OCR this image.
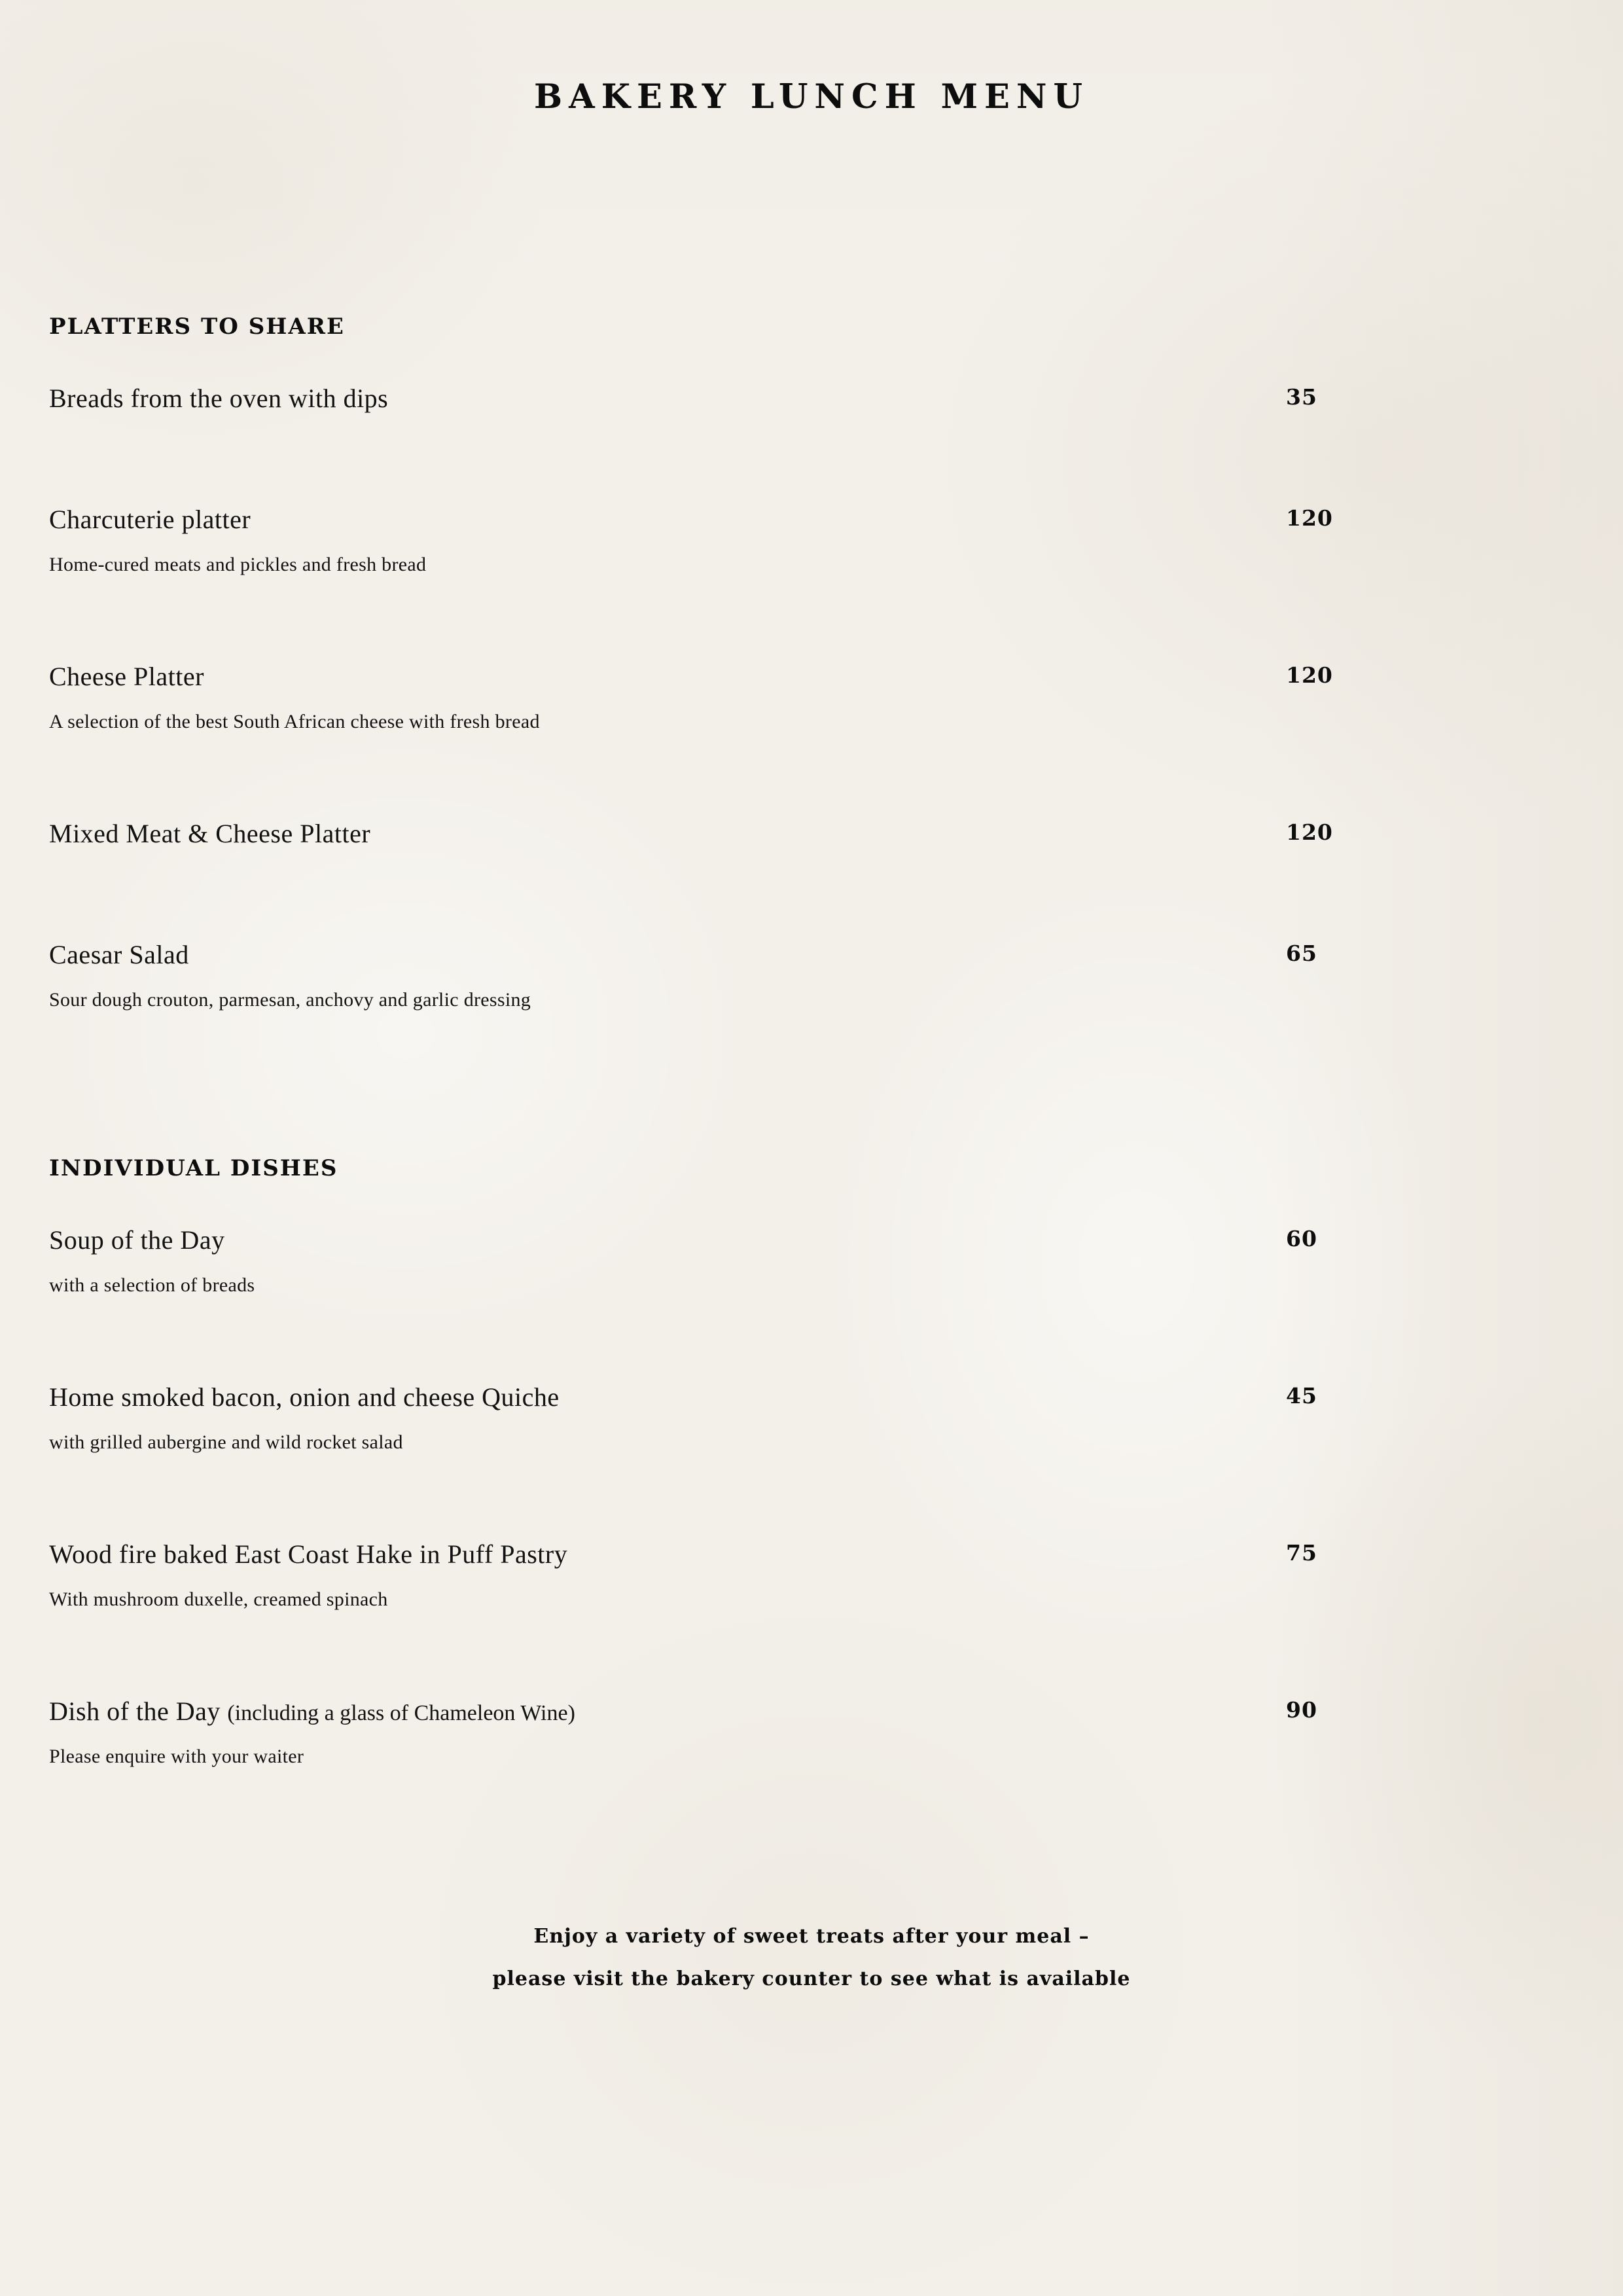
BAKERY LUNCH MENU
PLATTERS TO SHARE
Breads from the oven with dips	35
Charcuterie platter	120
Home-cured meats and pickles and fresh bread
Cheese Platter	120
A selection of the best South African cheese with fresh bread
Mixed Meat & Cheese Platter	120
Caesar Salad	65
Sour dough crouton, parmesan, anchovy and garlic dressing
INDIVIDUAL DISHES
Soup of the Day	60
with a selection of breads
Home smoked bacon, onion and cheese Quiche	45
with grilled aubergine and wild rocket salad
Wood fire baked East Coast Hake in Puff Pastry	75
With mushroom duxelle, creamed spinach
Dish of the Day (including a glass of Chameleon Wine)	90
Please enquire with your waiter
Enjoy a variety of sweet treats after your meal –
please visit the bakery counter to see what is available
